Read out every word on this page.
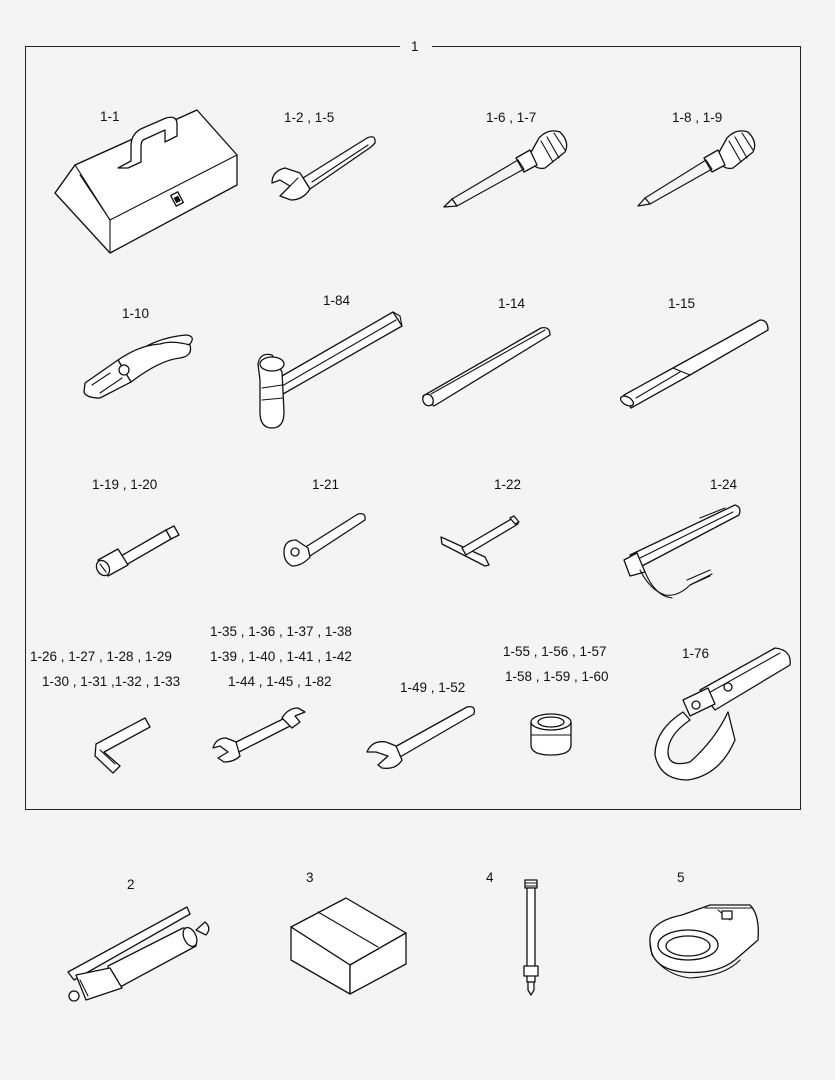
1
1-1	1-2 , 1-5	1-6 , 1-7	1-8 , 1-9
1-10
1-84	1-14	1-15
1-19 , 1-20	1-21	1-22	1-24
1-26 , 1-27 , 1-28 , 1-29
1-30 , 1-31 ,1-32 , 1-33
1-35 , 1-36 , 1-37 , 1-38
1-39 , 1-40 , 1-41 , 1-42
1-44 , 1-45 , 1-82	1-49 , 1-52
1-55 , 1-56 , 1-57
1-58 , 1-59 , 1-60
1-76
2	3	4	5
